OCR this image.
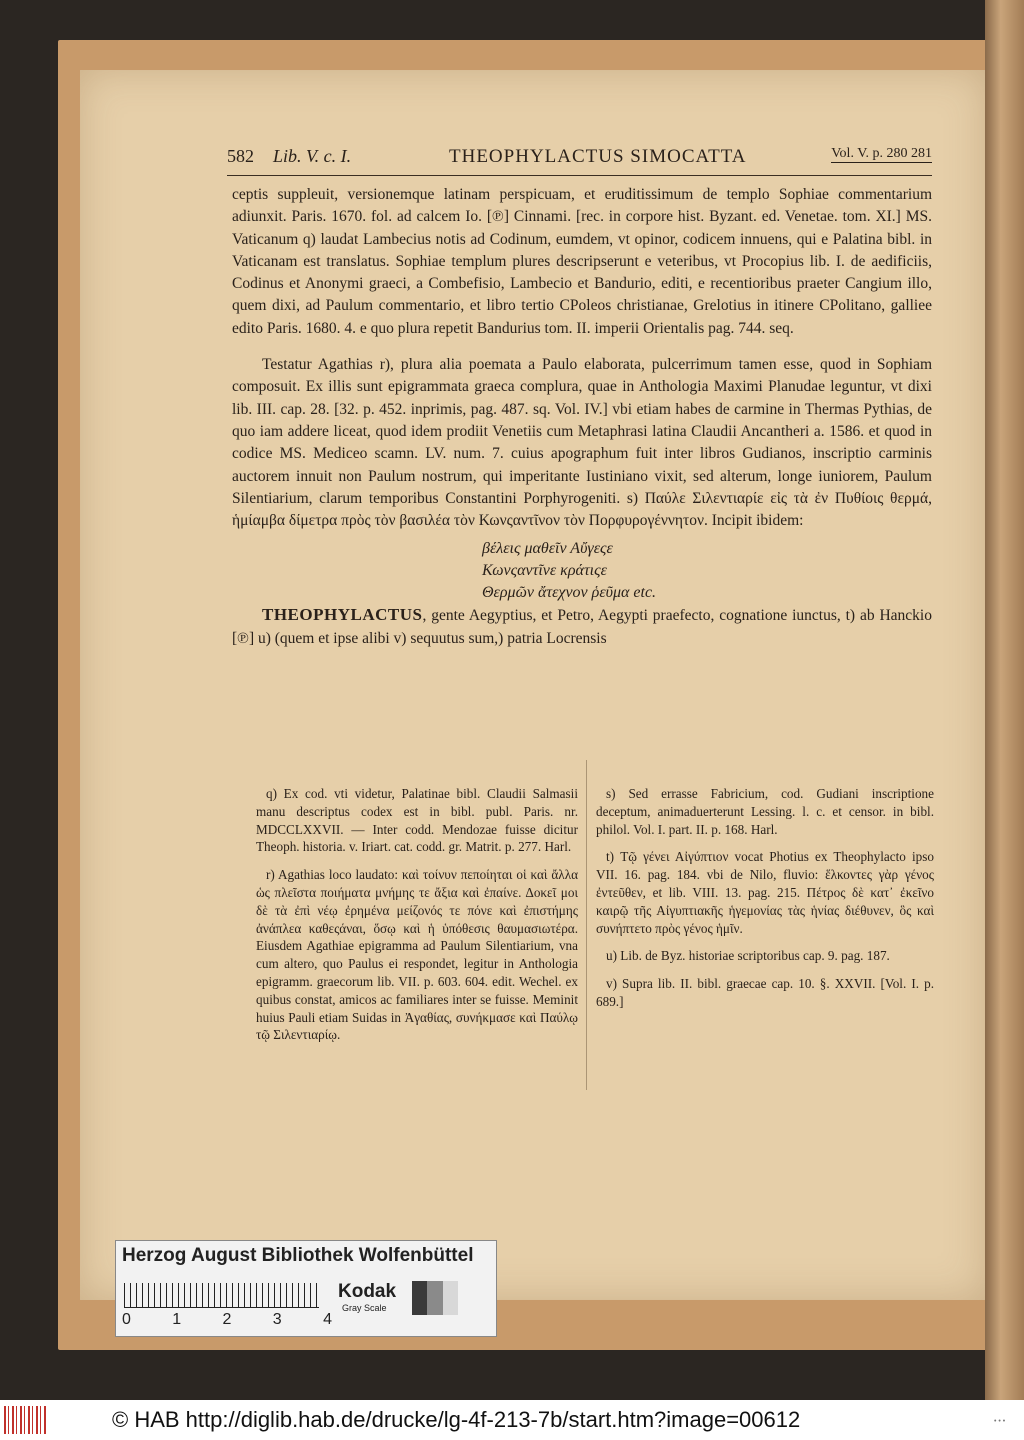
582 Lib. V. c. I.	THEOPHYLACTUS SIMOCATTA	Vol. V. p. 280 281

ceptis suppleuit, versionemque latinam perspicuam, et eruditissimum de templo Sophiae commentarium adiunxit. Paris. 1670. fol. ad calcem Io. [℗] Cinnami. [rec. in corpore hist. Byzant. ed. Venetae. tom. XI.] MS. Vaticanum q) laudat Lambecius notis ad Codinum, eumdem, vt opinor, codicem innuens, qui e Palatina bibl. in Vaticanam est translatus. Sophiae templum plures descripserunt e veteribus, vt Procopius lib. I. de aedificiis, Codinus et Anonymi graeci, a Combefisio, Lambecio et Bandurio, editi, e recentioribus praeter Cangium illo, quem dixi, ad Paulum commentario, et libro tertio CPoleos christianae, Grelotius in itinere CPolitano, galliee edito Paris. 1680. 4. e quo plura repetit Bandurius tom. II. imperii Orientalis pag. 744. seq.

Testatur Agathias r), plura alia poemata a Paulo elaborata, pulcerrimum tamen esse, quod in Sophiam composuit. Ex illis sunt epigrammata graeca complura, quae in Anthologia Maximi Planudae leguntur, vt dixi lib. III. cap. 28. [32. p. 452. inprimis, pag. 487. sq. Vol. IV.] vbi etiam habes de carmine in Thermas Pythias, de quo iam addere liceat, quod idem prodiit Venetiis cum Metaphrasi latina Claudii Ancantheri a. 1586. et quod in codice MS. Mediceo scamn. LV. num. 7. cuius apographum fuit inter libros Gudianos, inscriptio carminis auctorem innuit non Paulum nostrum, qui imperitante Iustiniano vixit, sed alterum, longe iuniorem, Paulum Silentiarium, clarum temporibus Constantini Porphyrogeniti. s) Παύλε Σιλεντιαρίε εἰς τὰ ἐν Πυθίοις θερμά, ἡμίαμβα δίμετρα πρὸς τὸν βασιλέα τὸν Κωνςαντῖνον τὸν Πορφυρογέννητον. Incipit ibidem:

βέλεις μαθεῖν Αὔγεςε
Κωνςαντῖνε κράτιςε
Θερμῶν ἄτεχνον ῥεῦμα etc.

THEOPHYLACTUS, gente Aegyptius, et Petro, Aegypti praefecto, cognatione iunctus, t) ab Hanckio [℗] u) (quem et ipse alibi v) sequutus sum,) patria Locrensis

q) Ex cod. vti videtur, Palatinae bibl. Claudii Salmasii manu descriptus codex est in bibl. publ. Paris. nr. MDCCLXXVII. — Inter codd. Mendozae fuisse dicitur Theoph. historia. v. Iriart. cat. codd. gr. Matrit. p. 277. Harl.

r) Agathias loco laudato: καὶ τοίνυν πεποίηται οἱ καὶ ἄλλα ὡς πλεῖστα ποιήματα μνήμης τε ἄξια καὶ ἐπαίνε. Δοκεῖ μοι δὲ τὰ ἐπὶ νέῳ ἐρημένα μείζονός τε πόνε καὶ ἐπιστήμης ἀνάπλεα καθεςάναι, ὅσῳ καὶ ἡ ὑπόθεσις θαυμασιωτέρα. Eiusdem Agathiae epigramma ad Paulum Silentiarium, vna cum altero, quo Paulus ei respondet, legitur in Anthologia epigramm. graecorum lib. VII. p. 603. 604. edit. Wechel. ex quibus constat, amicos ac familiares inter se fuisse. Meminit huius Pauli etiam Suidas in Ἀγαθίας, συνήκμασε καὶ Παύλῳ τῷ Σιλεντιαρίῳ.

s) Sed errasse Fabricium, cod. Gudiani inscriptione deceptum, animaduerterunt Lessing. l. c. et censor. in bibl. philol. Vol. I. part. II. p. 168. Harl.

t) Τῷ γένει Αἰγύπτιον vocat Photius ex Theophylacto ipso VII. 16. pag. 184. vbi de Nilo, fluvio: ἕλκοντες γὰρ γένος ἐντεῦθεν, et lib. VIII. 13. pag. 215. Πέτρος δὲ κατ᾽ ἐκεῖνο καιρῷ τῆς Αἰγυπτιακῆς ἡγεμονίας τὰς ἡνίας διέθυνεν, ὃς καὶ συνήπτετο πρὸς γένος ἡμῖν.

u) Lib. de Byz. historiae scriptoribus cap. 9. pag. 187.

v) Supra lib. II. bibl. graecae cap. 10. §. XXVII. [Vol. I. p. 689.]

Herzog August Bibliothek Wolfenbüttel
0	1	2	3	4
Kodak
Gray Scale
© HAB http://diglib.hab.de/drucke/lg-4f-213-7b/start.htm?image=00612	• • •
